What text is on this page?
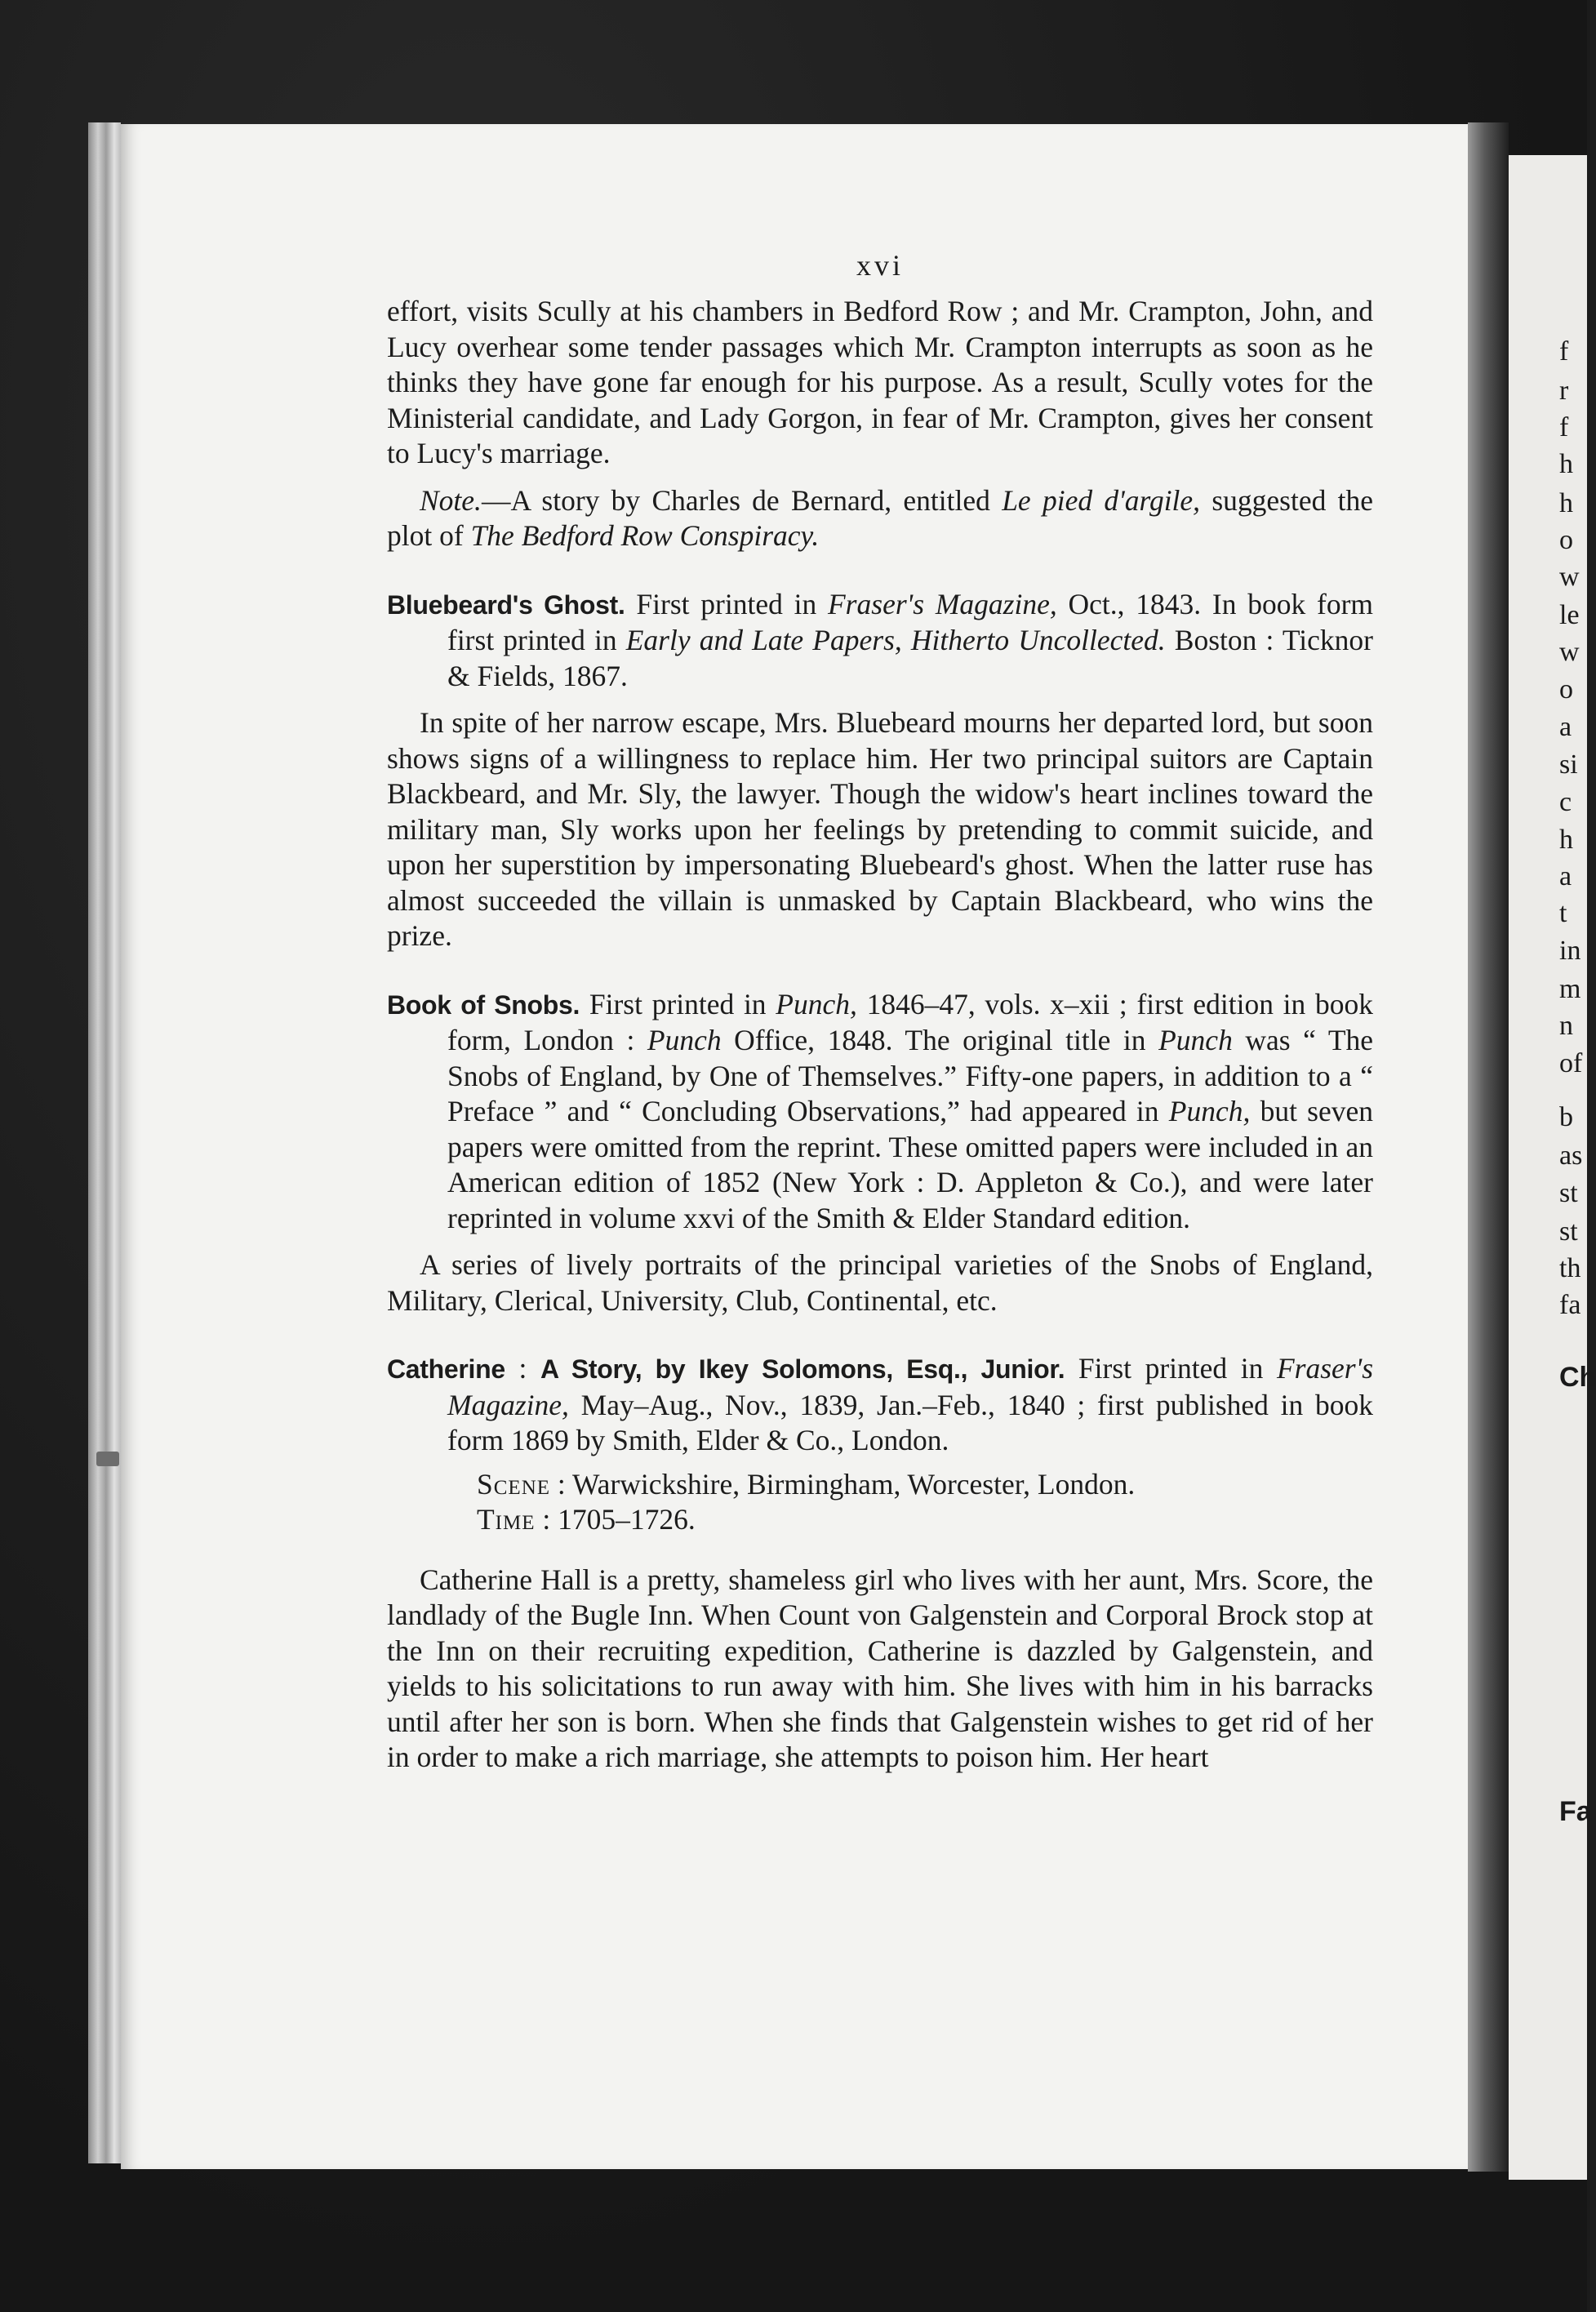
f
r
f
h
h
o
w
le
w
o
a
si
c
h
a
t
in
m
n
of
b
as
st
st
th
fa
Ch
Fa
xvi

effort, visits Scully at his chambers in Bedford Row ; and Mr. Crampton, John, and Lucy overhear some tender passages which Mr. Crampton interrupts as soon as he thinks they have gone far enough for his purpose. As a result, Scully votes for the Ministerial candidate, and Lady Gorgon, in fear of Mr. Crampton, gives her consent to Lucy's marriage.

Note.—A story by Charles de Bernard, entitled Le pied d'argile, suggested the plot of The Bedford Row Conspiracy.

Bluebeard's Ghost. First printed in Fraser's Magazine, Oct., 1843. In book form first printed in Early and Late Papers, Hitherto Uncollected. Boston : Ticknor & Fields, 1867.

In spite of her narrow escape, Mrs. Bluebeard mourns her departed lord, but soon shows signs of a willingness to replace him. Her two principal suitors are Captain Blackbeard, and Mr. Sly, the lawyer. Though the widow's heart inclines toward the military man, Sly works upon her feelings by pretending to commit suicide, and upon her superstition by impersonating Bluebeard's ghost. When the latter ruse has almost succeeded the villain is unmasked by Captain Blackbeard, who wins the prize.

Book of Snobs. First printed in Punch, 1846–47, vols. x–xii ; first edition in book form, London : Punch Office, 1848. The original title in Punch was “ The Snobs of England, by One of Themselves.” Fifty-one papers, in addition to a “ Preface ” and “ Concluding Observations,” had appeared in Punch, but seven papers were omitted from the reprint. These omitted papers were included in an American edition of 1852 (New York : D. Appleton & Co.), and were later reprinted in volume xxvi of the Smith & Elder Standard edition.

A series of lively portraits of the principal varieties of the Snobs of England, Military, Clerical, University, Club, Continental, etc.

Catherine : A Story, by Ikey Solomons, Esq., Junior. First printed in Fraser's Magazine, May–Aug., Nov., 1839, Jan.–Feb., 1840 ; first published in book form 1869 by Smith, Elder & Co., London.

Scene : Warwickshire, Birmingham, Worcester, London.
Time : 1705–1726.

Catherine Hall is a pretty, shameless girl who lives with her aunt, Mrs. Score, the landlady of the Bugle Inn. When Count von Galgenstein and Corporal Brock stop at the Inn on their recruiting expedition, Catherine is dazzled by Galgenstein, and yields to his solicitations to run away with him. She lives with him in his barracks until after her son is born. When she finds that Galgenstein wishes to get rid of her in order to make a rich marriage, she attempts to poison him. Her heart
